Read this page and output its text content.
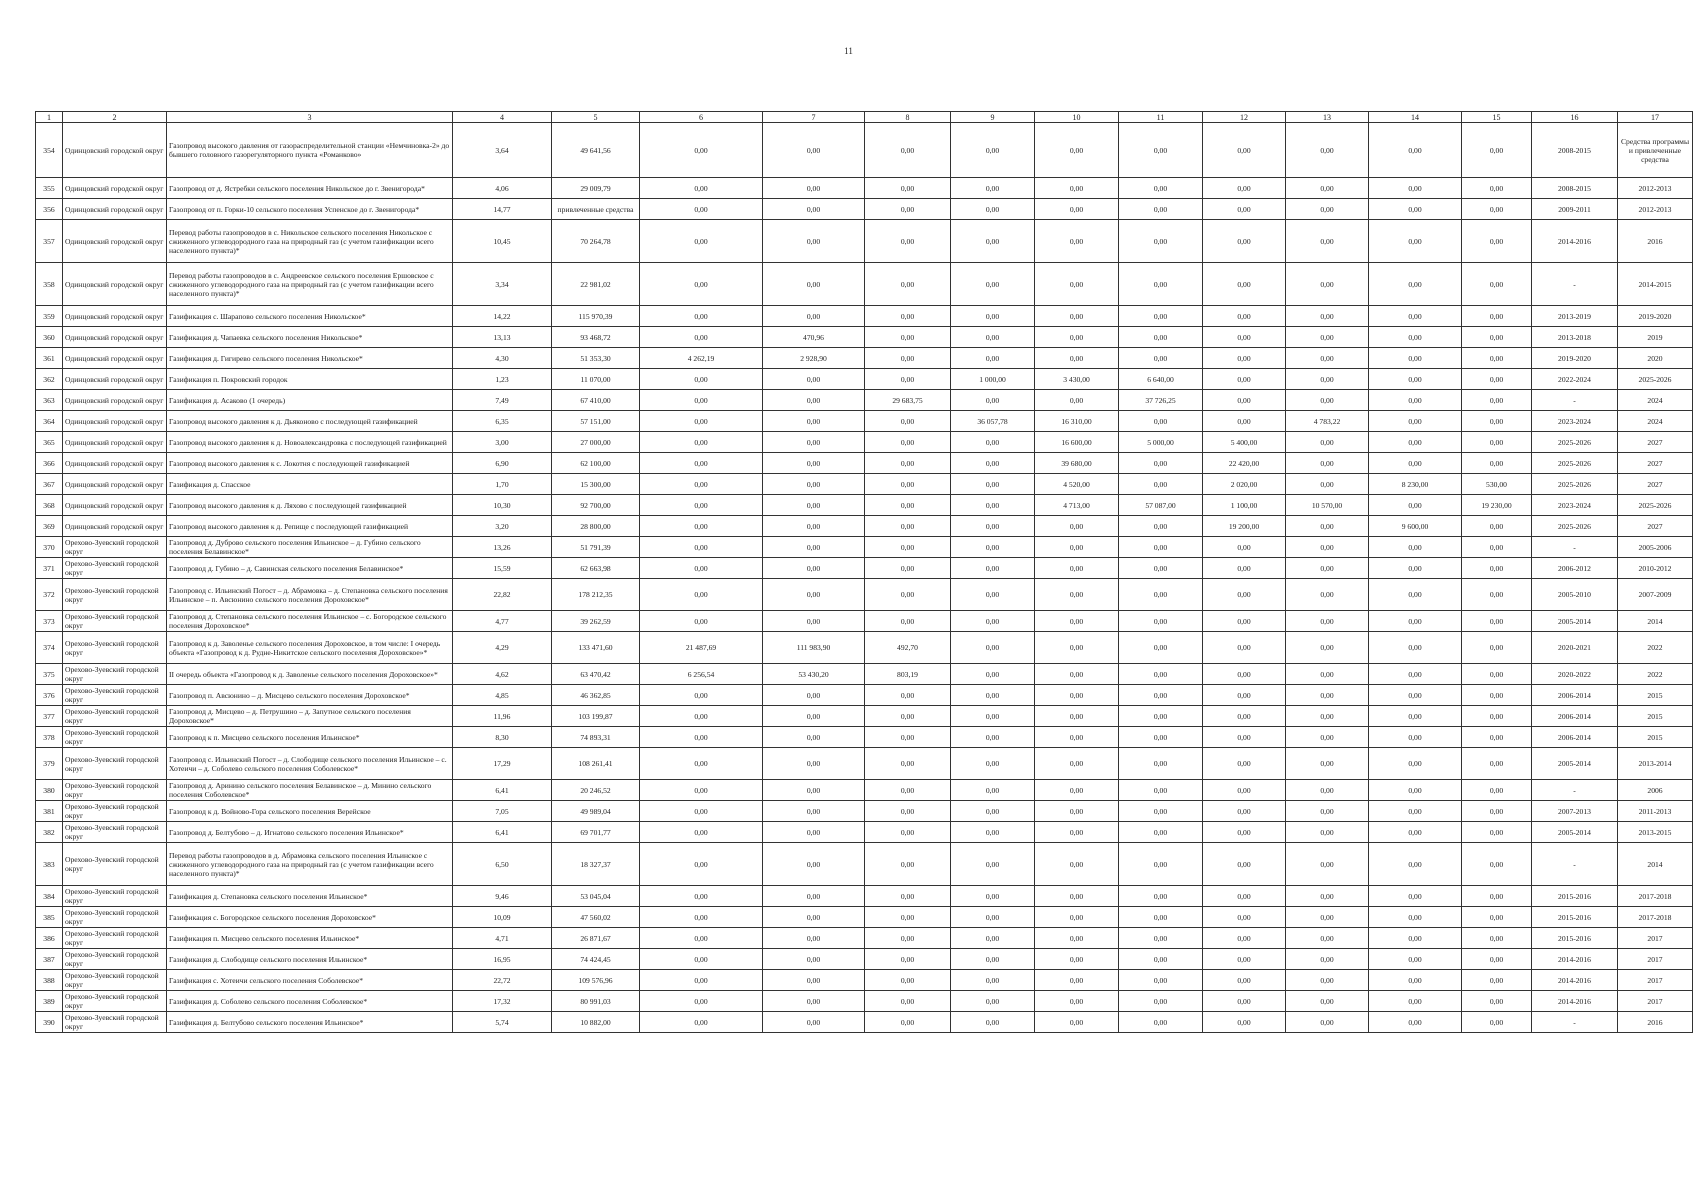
11
1	2	3	4	5	6	7	8	9	10	11	12	13	14	15	16	17
354	Одинцовский городской округ	Газопровод высокого давления от газораспределительной станции «Немчиновка-2» до бывшего головного газорегуляторного пункта «Романково»	3,64	49 641,56	0,00	0,00	0,00	0,00	0,00	0,00	0,00	0,00	0,00	0,00	2008-2015	Средства программы и привлеченные средства
355	Одинцовский городской округ	Газопровод от д. Ястребки сельского поселения Никольское до г. Звенигорода*	4,06	29 009,79	0,00	0,00	0,00	0,00	0,00	0,00	0,00	0,00	0,00	0,00	2008-2015	2012-2013
356	Одинцовский городской округ	Газопровод от п. Горки-10 сельского поселения Успенское до г. Звенигорода*	14,77	привлеченные средства	0,00	0,00	0,00	0,00	0,00	0,00	0,00	0,00	0,00	0,00	2009-2011	2012-2013
357	Одинцовский городской округ	Перевод работы газопроводов в с. Никольское сельского поселения Никольское с сжиженного углеводородного газа на природный газ (с учетом газификации всего населенного пункта)*	10,45	70 264,78	0,00	0,00	0,00	0,00	0,00	0,00	0,00	0,00	0,00	0,00	2014-2016	2016
358	Одинцовский городской округ	Перевод работы газопроводов в с. Андреевское сельского поселения Ершовское с сжиженного углеводородного газа на природный газ (с учетом газификации всего населенного пункта)*	3,34	22 981,02	0,00	0,00	0,00	0,00	0,00	0,00	0,00	0,00	0,00	0,00	-	2014-2015
359	Одинцовский городской округ	Газификация с. Шарапово сельского поселения Никольское*	14,22	115 970,39	0,00	0,00	0,00	0,00	0,00	0,00	0,00	0,00	0,00	0,00	2013-2019	2019-2020
360	Одинцовский городской округ	Газификация д. Чапаевка сельского поселения Никольское*	13,13	93 468,72	0,00	470,96	0,00	0,00	0,00	0,00	0,00	0,00	0,00	0,00	2013-2018	2019
361	Одинцовский городской округ	Газификация д. Гигирево сельского поселения Никольское*	4,30	51 353,30	4 262,19	2 928,90	0,00	0,00	0,00	0,00	0,00	0,00	0,00	0,00	2019-2020	2020
362	Одинцовский городской округ	Газификация п. Покровский городок	1,23	11 070,00	0,00	0,00	0,00	1 000,00	3 430,00	6 640,00	0,00	0,00	0,00	0,00	2022-2024	2025-2026
363	Одинцовский городской округ	Газификация д. Асаково (1 очередь)	7,49	67 410,00	0,00	0,00	29 683,75	0,00	0,00	37 726,25	0,00	0,00	0,00	0,00	-	2024
364	Одинцовский городской округ	Газопровод высокого давления к д. Дьяконово с последующей газификацией	6,35	57 151,00	0,00	0,00	0,00	36 057,78	16 310,00	0,00	0,00	4 783,22	0,00	0,00	2023-2024	2024
365	Одинцовский городской округ	Газопровод высокого давления к д. Новоалександровка с последующей газификацией	3,00	27 000,00	0,00	0,00	0,00	0,00	16 600,00	5 000,00	5 400,00	0,00	0,00	0,00	2025-2026	2027
366	Одинцовский городской округ	Газопровод высокого давления к с. Локотня с последующей газификацией	6,90	62 100,00	0,00	0,00	0,00	0,00	39 680,00	0,00	22 420,00	0,00	0,00	0,00	2025-2026	2027
367	Одинцовский городской округ	Газификация д. Спасское	1,70	15 300,00	0,00	0,00	0,00	0,00	4 520,00	0,00	2 020,00	0,00	8 230,00	530,00	2025-2026	2027
368	Одинцовский городской округ	Газопровод высокого давления к д. Ляхово с последующей газификацией	10,30	92 700,00	0,00	0,00	0,00	0,00	4 713,00	57 087,00	1 100,00	10 570,00	0,00	19 230,00	2023-2024	2025-2026
369	Одинцовский городской округ	Газопровод высокого давления к д. Репище с последующей газификацией	3,20	28 800,00	0,00	0,00	0,00	0,00	0,00	0,00	19 200,00	0,00	9 600,00	0,00	2025-2026	2027
370	Орехово-Зуевский городской округ	Газопровод д. Дуброво сельского поселения Ильинское – д. Губино сельского поселения Белавинское*	13,26	51 791,39	0,00	0,00	0,00	0,00	0,00	0,00	0,00	0,00	0,00	0,00	-	2005-2006
371	Орехово-Зуевский городской округ	Газопровод д. Губино – д. Савинская сельского поселения Белавинское*	15,59	62 663,98	0,00	0,00	0,00	0,00	0,00	0,00	0,00	0,00	0,00	0,00	2006-2012	2010-2012
372	Орехово-Зуевский городской округ	Газопровод с. Ильинский Погост – д. Абрамовка – д. Степановка сельского поселения Ильинское – п. Авсюнино сельского поселения Дороховское*	22,82	178 212,35	0,00	0,00	0,00	0,00	0,00	0,00	0,00	0,00	0,00	0,00	2005-2010	2007-2009
373	Орехово-Зуевский городской округ	Газопровод д. Степановка сельского поселения Ильинское – с. Богородское сельского поселения Дороховское*	4,77	39 262,59	0,00	0,00	0,00	0,00	0,00	0,00	0,00	0,00	0,00	0,00	2005-2014	2014
374	Орехово-Зуевский городской округ	Газопровод к д. Заволенье сельского поселения Дороховское, в том числе: I очередь объекта «Газопровод к д. Рудне-Никитское сельского поселения Дороховское»*	4,29	133 471,60	21 487,69	111 983,90	492,70	0,00	0,00	0,00	0,00	0,00	0,00	0,00	2020-2021	2022
375	Орехово-Зуевский городской округ	II очередь объекта «Газопровод к д. Заволенье сельского поселения Дороховское»*	4,62	63 470,42	6 256,54	53 430,20	803,19	0,00	0,00	0,00	0,00	0,00	0,00	0,00	2020-2022	2022
376	Орехово-Зуевский городской округ	Газопровод п. Авсюнино – д. Мисцево сельского поселения Дороховское*	4,85	46 362,85	0,00	0,00	0,00	0,00	0,00	0,00	0,00	0,00	0,00	0,00	2006-2014	2015
377	Орехово-Зуевский городской округ	Газопровод д. Мисцево – д. Петрушино – д. Запутное сельского поселения Дороховское*	11,96	103 199,87	0,00	0,00	0,00	0,00	0,00	0,00	0,00	0,00	0,00	0,00	2006-2014	2015
378	Орехово-Зуевский городской округ	Газопровод к п. Мисцево сельского поселения Ильинское*	8,30	74 893,31	0,00	0,00	0,00	0,00	0,00	0,00	0,00	0,00	0,00	0,00	2006-2014	2015
379	Орехово-Зуевский городской округ	Газопровод с. Ильинский Погост – д. Слободище сельского поселения Ильинское – с. Хотеичи – д. Соболево сельского поселения Соболевское*	17,29	108 261,41	0,00	0,00	0,00	0,00	0,00	0,00	0,00	0,00	0,00	0,00	2005-2014	2013-2014
380	Орехово-Зуевский городской округ	Газопровод д. Аринино сельского поселения Белавинское – д. Минино сельского поселения Соболевское*	6,41	20 246,52	0,00	0,00	0,00	0,00	0,00	0,00	0,00	0,00	0,00	0,00	-	2006
381	Орехово-Зуевский городской округ	Газопровод к д. Войново-Гора сельского поселения Верейское	7,05	49 989,04	0,00	0,00	0,00	0,00	0,00	0,00	0,00	0,00	0,00	0,00	2007-2013	2011-2013
382	Орехово-Зуевский городской округ	Газопровод д. Белтубово – д. Игнатово сельского поселения Ильинское*	6,41	69 701,77	0,00	0,00	0,00	0,00	0,00	0,00	0,00	0,00	0,00	0,00	2005-2014	2013-2015
383	Орехово-Зуевский городской округ	Перевод работы газопроводов в д. Абрамовка сельского поселения Ильинское с сжиженного углеводородного газа на природный газ (с учетом газификации всего населенного пункта)*	6,50	18 327,37	0,00	0,00	0,00	0,00	0,00	0,00	0,00	0,00	0,00	0,00	-	2014
384	Орехово-Зуевский городской округ	Газификация д. Степановка сельского поселения Ильинское*	9,46	53 045,04	0,00	0,00	0,00	0,00	0,00	0,00	0,00	0,00	0,00	0,00	2015-2016	2017-2018
385	Орехово-Зуевский городской округ	Газификация с. Богородское сельского поселения Дороховское*	10,09	47 560,02	0,00	0,00	0,00	0,00	0,00	0,00	0,00	0,00	0,00	0,00	2015-2016	2017-2018
386	Орехово-Зуевский городской округ	Газификация п. Мисцево сельского поселения Ильинское*	4,71	26 871,67	0,00	0,00	0,00	0,00	0,00	0,00	0,00	0,00	0,00	0,00	2015-2016	2017
387	Орехово-Зуевский городской округ	Газификация д. Слободище сельского поселения Ильинское*	16,95	74 424,45	0,00	0,00	0,00	0,00	0,00	0,00	0,00	0,00	0,00	0,00	2014-2016	2017
388	Орехово-Зуевский городской округ	Газификация с. Хотеичи сельского поселения Соболевское*	22,72	109 576,96	0,00	0,00	0,00	0,00	0,00	0,00	0,00	0,00	0,00	0,00	2014-2016	2017
389	Орехово-Зуевский городской округ	Газификация д. Соболево сельского поселения Соболевское*	17,32	80 991,03	0,00	0,00	0,00	0,00	0,00	0,00	0,00	0,00	0,00	0,00	2014-2016	2017
390	Орехово-Зуевский городской округ	Газификация д. Белтубово сельского поселения Ильинское*	5,74	10 882,00	0,00	0,00	0,00	0,00	0,00	0,00	0,00	0,00	0,00	0,00	-	2016
